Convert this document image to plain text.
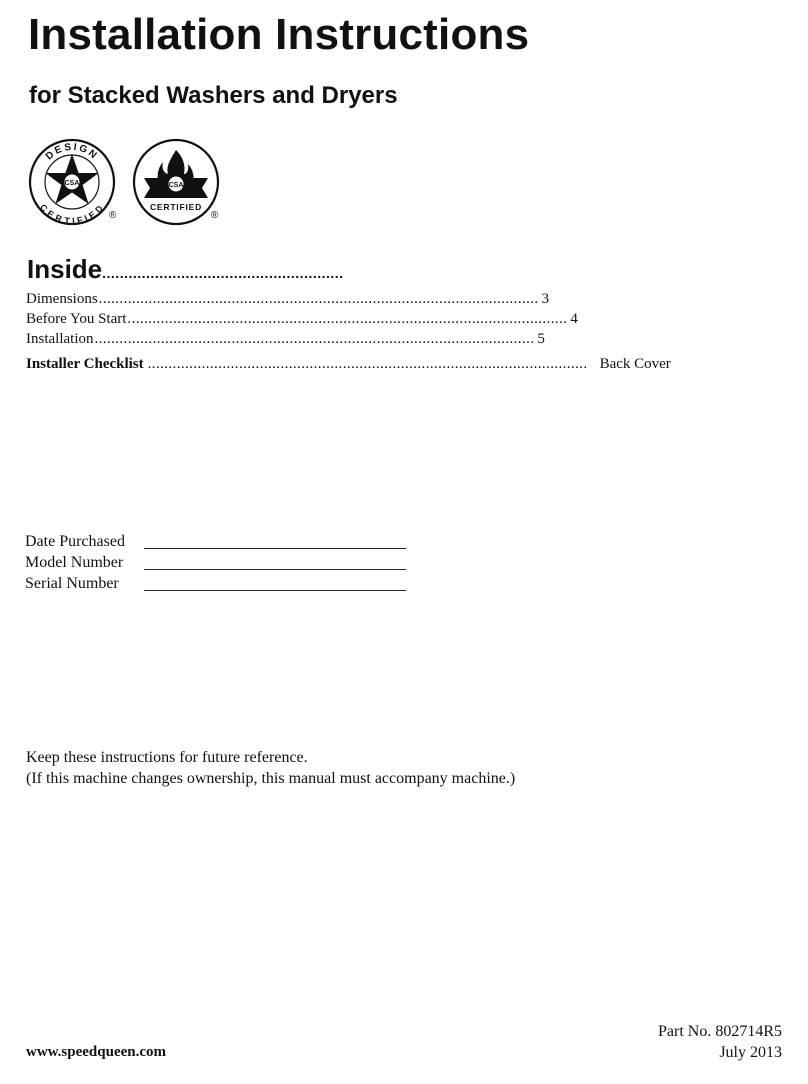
Installation Instructions
for Stacked Washers and Dryers
DESIGN
CERTIFIED
CSA
®
CSA
CERTIFIED
®
Inside.......................................................
Dimensions .......................................................................................................... 3
Before You Start .......................................................................................................... 4
Installation .......................................................................................................... 5
Installer Checklist .......................................................................................................... Back Cover
Date Purchased
Model Number
Serial Number

Keep these instructions for future reference.

(If this machine changes ownership, this manual must accompany machine.)

www.speedqueen.com
Part No. 802714R5
July 2013
